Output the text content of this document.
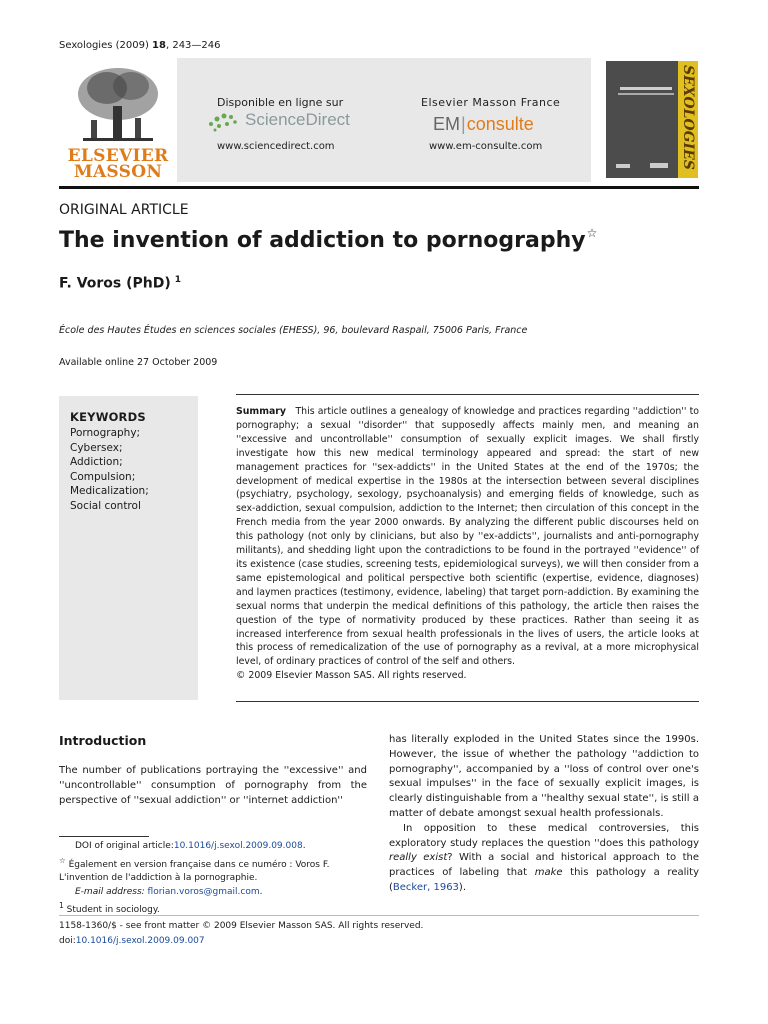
Sexologies (2009) 18, 243—246
ELSEVIER
MASSON
Disponible en ligne sur
ScienceDirect
www.sciencedirect.com
Elsevier Masson France
EM|consulte
www.em-consulte.com	SEXOLOGIES
ORIGINAL ARTICLE
The invention of addiction to pornography☆
F. Voros (PhD) $^1$
École des Hautes Études en sciences sociales (EHESS), 96, boulevard Raspail, 75006 Paris, France
Available online 27 October 2009
KEYWORDS
Pornography;
Cybersex;
Addiction;
Compulsion;
Medicalization;
Social control
Summary This article outlines a genealogy of knowledge and practices regarding ''addiction'' to pornography; a sexual ''disorder'' that supposedly affects mainly men, and meaning an ''excessive and uncontrollable'' consumption of sexually explicit images. We shall firstly investigate how this new medical terminology appeared and spread: the start of new management practices for ''sex-addicts'' in the United States at the end of the 1970s; the development of medical expertise in the 1980s at the intersection between several disciplines (psychiatry, psychology, sexology, psychoanalysis) and emerging fields of knowledge, such as sex-addiction, sexual compulsion, addiction to the Internet; then circulation of this concept in the French media from the year 2000 onwards. By analyzing the different public discourses held on this pathology (not only by clinicians, but also by ''ex-addicts'', journalists and anti-pornography militants), and shedding light upon the contradictions to be found in the portrayed ''evidence'' of its existence (case studies, screening tests, epidemiological surveys), we will then consider from a same epistemological and political perspective both scientific (expertise, evidence, diagnoses) and laymen practices (testimony, evidence, labeling) that target porn-addiction. By examining the sexual norms that underpin the medical definitions of this pathology, the article then raises the question of the type of normativity produced by these practices. Rather than seeing it as increased interference from sexual health professionals in the lives of users, the article looks at this process of remedicalization of the use of pornography as a revival, at a more microphysical level, of ordinary practices of control of the self and others.
© 2009 Elsevier Masson SAS. All rights reserved.
Introduction

The number of publications portraying the ''excessive'' and ''uncontrollable'' consumption of pornography from the perspective of ''sexual addiction'' or ''internet addiction''

DOI of original article:10.1016/j.sexol.2009.09.008.
☆ Également en version française dans ce numéro : Voros F. L'invention de l'addiction à la pornographie.
E-mail address: florian.voros@gmail.com.
$^1$ Student in sociology.
has literally exploded in the United States since the 1990s. However, the issue of whether the pathology ''addiction to pornography'', accompanied by a ''loss of control over one's sexual impulses'' in the face of sexually explicit images, is clearly distinguishable from a ''healthy sexual state'', is still a matter of debate amongst sexual health professionals.
In opposition to these medical controversies, this exploratory study replaces the question ''does this pathology really exist? With a social and historical approach to the practices of labeling that make this pathology a reality (Becker, 1963).
1158-1360/$ - see front matter © 2009 Elsevier Masson SAS. All rights reserved.
doi:10.1016/j.sexol.2009.09.007
